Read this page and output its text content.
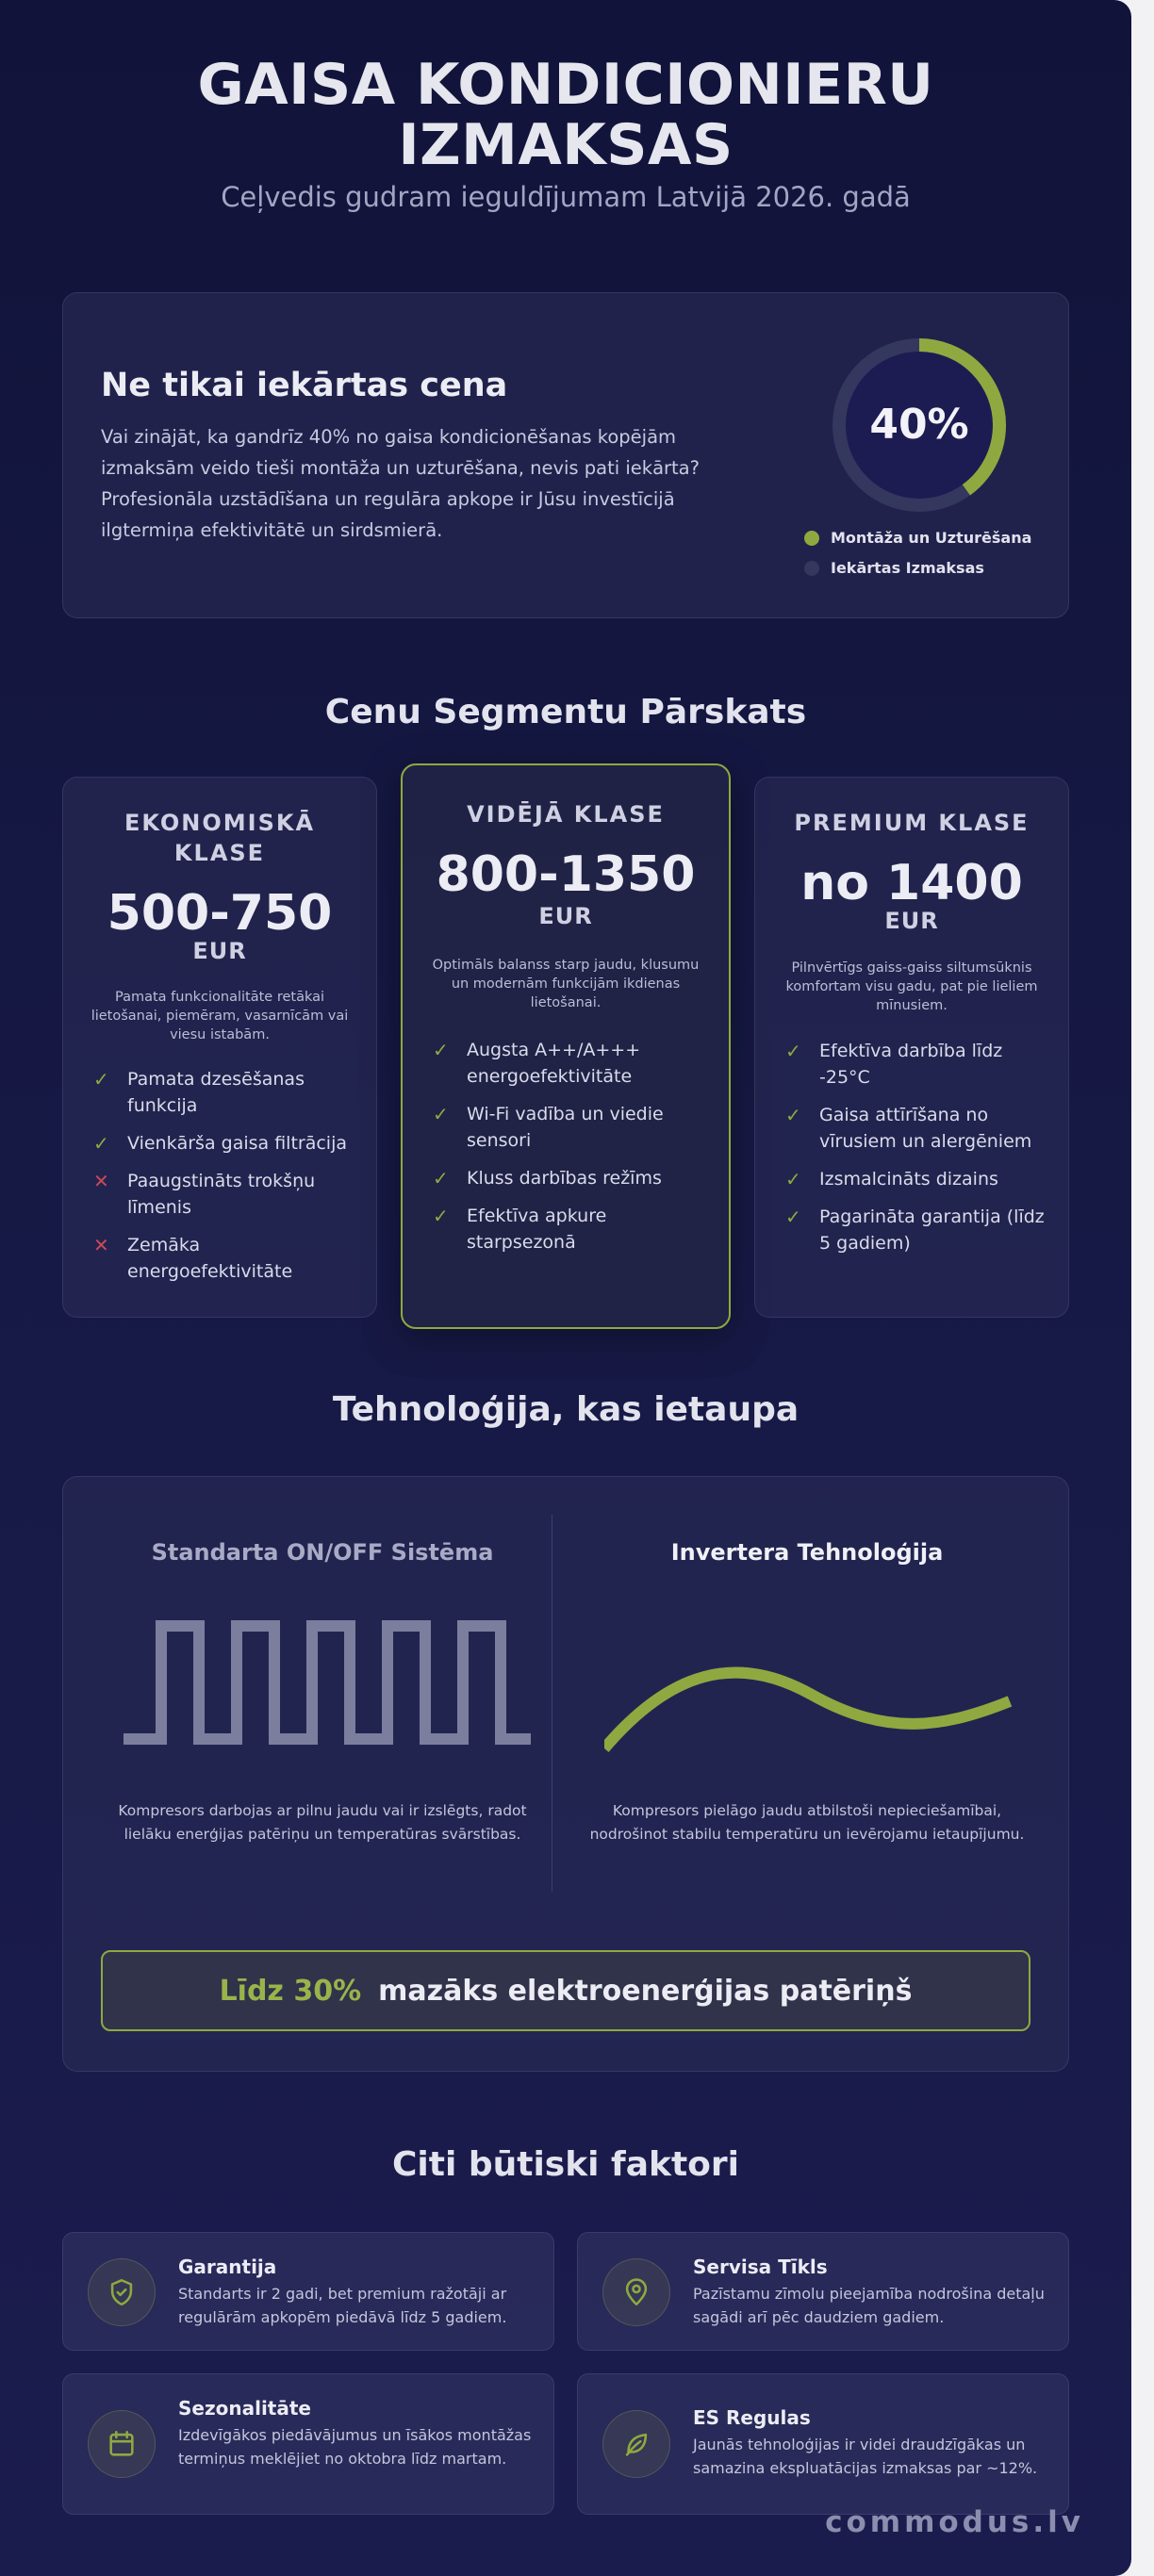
GAISA KONDICIONIERU
IZMAKSAS
Ceļvedis gudram ieguldījumam Latvijā 2026. gadā
Ne tikai iekārtas cena
Vai zinājāt, ka gandrīz 40% no gaisa kondicionēšanas kopējām izmaksām veido tieši montāža un uzturēšana, nevis pati iekārta? Profesionāla uzstādīšana un regulāra apkope ir Jūsu investīcijā ilgtermiņa efektivitātē un sirdsmierā.
40%
Montāža un Uzturēšana
Iekārtas Izmaksas
Cenu Segmentu Pārskats
EKONOMISKĀ
KLASE
500-750
EUR
Pamata funkcionalitāte retākai lietošanai, piemēram, vasarnīcām vai viesu istabām.
✓ Pamata dzesēšanas funkcija
✓ Vienkārša gaisa filtrācija
✕ Paaugstināts trokšņu līmenis
✕ Zemāka energoefektivitāte
VIDĒJĀ KLASE
800-1350
EUR
Optimāls balanss starp jaudu, klusumu un modernām funkcijām ikdienas lietošanai.
✓ Augsta A++/A+++ energoefektivitāte
✓ Wi-Fi vadība un viedie sensori
✓ Kluss darbības režīms
✓ Efektīva apkure starpsezonā
PREMIUM KLASE
no 1400
EUR
Pilnvērtīgs gaiss-gaiss siltumsūknis komfortam visu gadu, pat pie lieliem mīnusiem.
✓ Efektīva darbība līdz -25°C
✓ Gaisa attīrīšana no vīrusiem un alergēniem
✓ Izsmalcināts dizains
✓ Pagarināta garantija (līdz 5 gadiem)
Tehnoloģija, kas ietaupa
Standarta ON/OFF Sistēma
Kompresors darbojas ar pilnu jaudu vai ir izslēgts, radot lielāku enerģijas patēriņu un temperatūras svārstības.
Invertera Tehnoloģija
Kompresors pielāgo jaudu atbilstoši nepieciešamībai, nodrošinot stabilu temperatūru un ievērojamu ietaupījumu.
Līdz 30% mazāks elektroenerģijas patēriņš
Citi būtiski faktori
Garantija
Standarts ir 2 gadi, bet premium ražotāji ar regulārām apkopēm piedāvā līdz 5 gadiem.
Servisa Tīkls
Pazīstamu zīmolu pieejamība nodrošina detaļu sagādi arī pēc daudziem gadiem.
Sezonalitāte
Izdevīgākos piedāvājumus un īsākos montāžas termiņus meklējiet no oktobra līdz martam.
ES Regulas
Jaunās tehnoloģijas ir videi draudzīgākas un samazina ekspluatācijas izmaksas par ~12%.
commodus.lv
